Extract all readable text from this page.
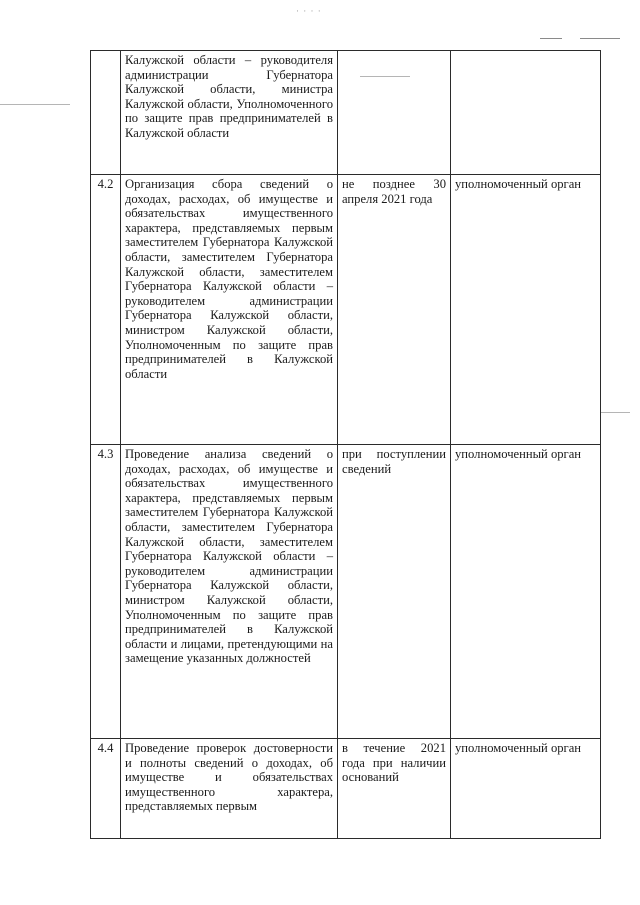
· · · ·
	Калужской области – руководителя администрации Губернатора Калужской области, министра Калужской области, Уполномоченного по защите прав предпринимателей в Калужской области		
4.2	Организация сбора сведений о доходах, расходах, об имуществе и обязательствах имущественного характера, представляемых первым заместителем Губернатора Калужской области, заместителем Губернатора Калужской области, заместителем Губернатора Калужской области – руководителем администрации Губернатора Калужской области, министром Калужской области, Уполномоченным по защите прав предпринимателей в Калужской области	не позднее 30 апреля 2021 года	уполномоченный орган
4.3	Проведение анализа сведений о доходах, расходах, об имуществе и обязательствах имущественного характера, представляемых первым заместителем Губернатора Калужской области, заместителем Губернатора Калужской области, заместителем Губернатора Калужской области – руководителем администрации Губернатора Калужской области, министром Калужской области, Уполномоченным по защите прав предпринимателей в Калужской области и лицами, претендующими на замещение указанных должностей	при поступлении сведений	уполномоченный орган
4.4	Проведение проверок достоверности и полноты сведений о доходах, об имуществе и обязательствах имущественного характера, представляемых первым	в течение 2021 года при наличии оснований	уполномоченный орган
